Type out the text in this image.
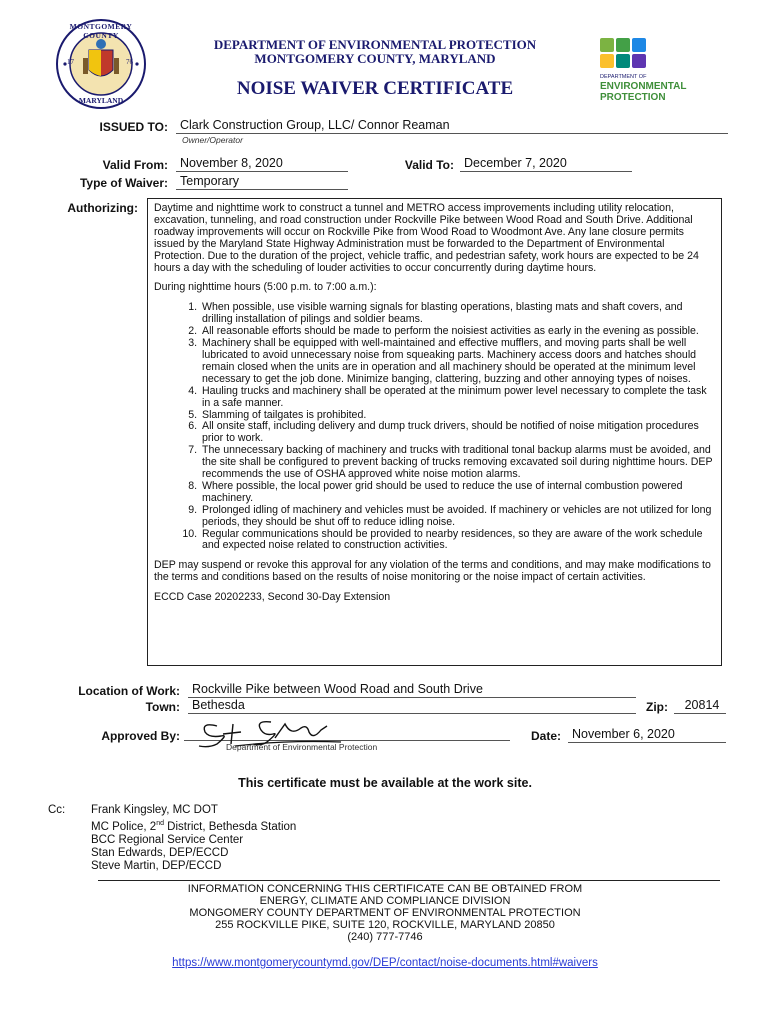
MONTGOMERY COUNTY
17	76
MARYLAND
DEPARTMENT OF ENVIRONMENTAL PROTECTION
MONTGOMERY COUNTY, MARYLAND
NOISE WAIVER CERTIFICATE
DEPARTMENT OF
ENVIRONMENTAL
PROTECTION
ISSUED TO: Clark Construction Group, LLC/ Connor Reaman
Owner/Operator
Valid From: November 8, 2020	Valid To: December 7, 2020
Type of Waiver: Temporary
Authorizing: Daytime and nighttime work to construct a tunnel and METRO access improvements including utility relocation, excavation, tunneling, and road construction under Rockville Pike between Wood Road and South Drive. Additional roadway improvements will occur on Rockville Pike from Wood Road to Woodmont Ave. Any lane closure permits issued by the Maryland State Highway Administration must be forwarded to the Department of Environmental Protection. Due to the duration of the project, vehicle traffic, and pedestrian safety, work hours are expected to be 24 hours a day with the scheduling of louder activities to occur concurrently during daytime hours.

During nighttime hours (5:00 p.m. to 7:00 a.m.):

1. When possible, use visible warning signals for blasting operations, blasting mats and shaft covers, and drilling installation of pilings and soldier beams.
2. All reasonable efforts should be made to perform the noisiest activities as early in the evening as possible.
3. Machinery shall be equipped with well-maintained and effective mufflers, and moving parts shall be well lubricated to avoid unnecessary noise from squeaking parts. Machinery access doors and hatches should remain closed when the units are in operation and all machinery should be operated at the minimum level necessary to get the job done. Minimize banging, clattering, buzzing and other annoying types of noises.
4. Hauling trucks and machinery shall be operated at the minimum power level necessary to complete the task in a safe manner.
5. Slamming of tailgates is prohibited.
6. All onsite staff, including delivery and dump truck drivers, should be notified of noise mitigation procedures prior to work.
7. The unnecessary backing of machinery and trucks with traditional tonal backup alarms must be avoided, and the site shall be configured to prevent backing of trucks removing excavated soil during nighttime hours. DEP recommends the use of OSHA approved white noise motion alarms.
8. Where possible, the local power grid should be used to reduce the use of internal combustion powered machinery.
9. Prolonged idling of machinery and vehicles must be avoided. If machinery or vehicles are not utilized for long periods, they should be shut off to reduce idling noise.
10. Regular communications should be provided to nearby residences, so they are aware of the work schedule and expected noise related to construction activities.

DEP may suspend or revoke this approval for any violation of the terms and conditions, and may make modifications to the terms and conditions based on the results of noise monitoring or the noise impact of certain activities.

ECCD Case 20202233, Second 30-Day Extension

Location of Work: Rockville Pike between Wood Road and South Drive
Town: Bethesda	Zip:	20814
Approved By:
Department of Environmental Protection
Date: November 6, 2020
This certificate must be available at the work site.
Cc: Frank Kingsley, MC DOT
MC Police, 2nd District, Bethesda Station
BCC Regional Service Center
Stan Edwards, DEP/ECCD
Steve Martin, DEP/ECCD
INFORMATION CONCERNING THIS CERTIFICATE CAN BE OBTAINED FROM
ENERGY, CLIMATE AND COMPLIANCE DIVISION
MONGOMERY COUNTY DEPARTMENT OF ENVIRONMENTAL PROTECTION
255 ROCKVILLE PIKE, SUITE 120, ROCKVILLE, MARYLAND 20850
(240) 777-7746
https://www.montgomerycountymd.gov/DEP/contact/noise-documents.html#waivers
